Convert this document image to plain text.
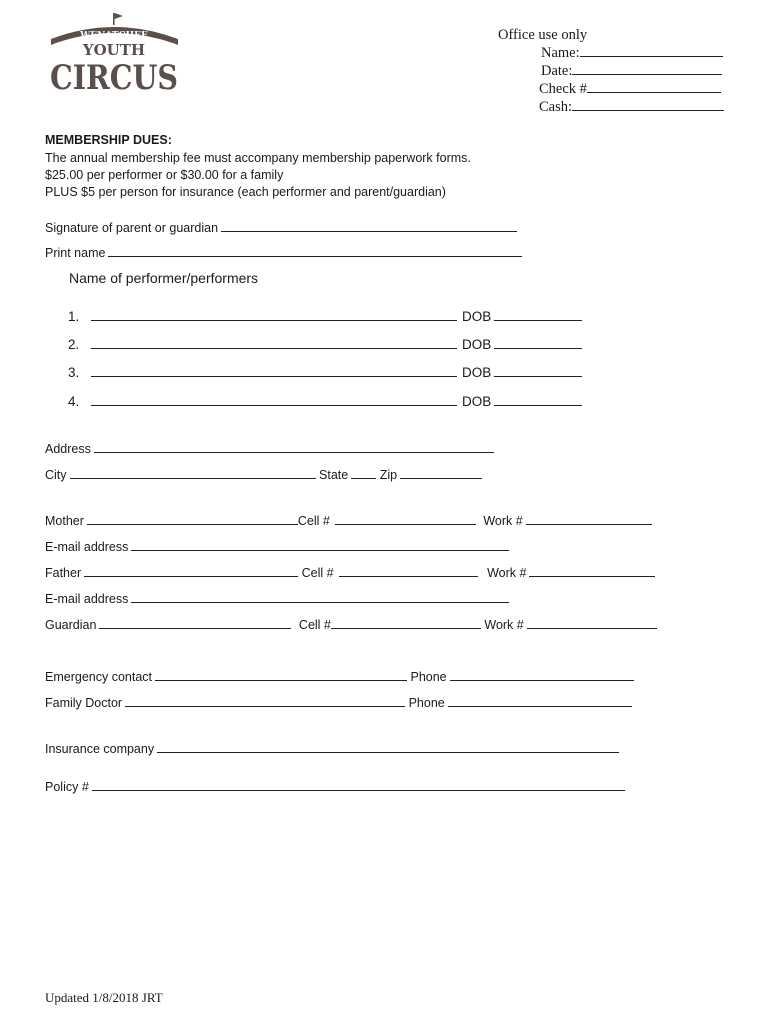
WENATCHEE
YOUTH
CIRCUS
Office use only
Name:
Date:
Check #
Cash:
MEMBERSHIP DUES:
The annual membership fee must accompany membership paperwork forms.
$25.00 per performer or $30.00 for a family
PLUS $5 per person for insurance (each performer and parent/guardian)
Signature of parent or guardian
Print name
Name of performer/performers
1.	DOB
2.	DOB
3.	DOB
4.	DOB
Address
City	State	Zip
Mother	Cell #	Work #
E-mail address
Father	Cell #	Work #
E-mail address
Guardian	Cell #	Work #
Emergency contact	Phone
Family Doctor	Phone
Insurance company
Policy #
Updated 1/8/2018 JRT
